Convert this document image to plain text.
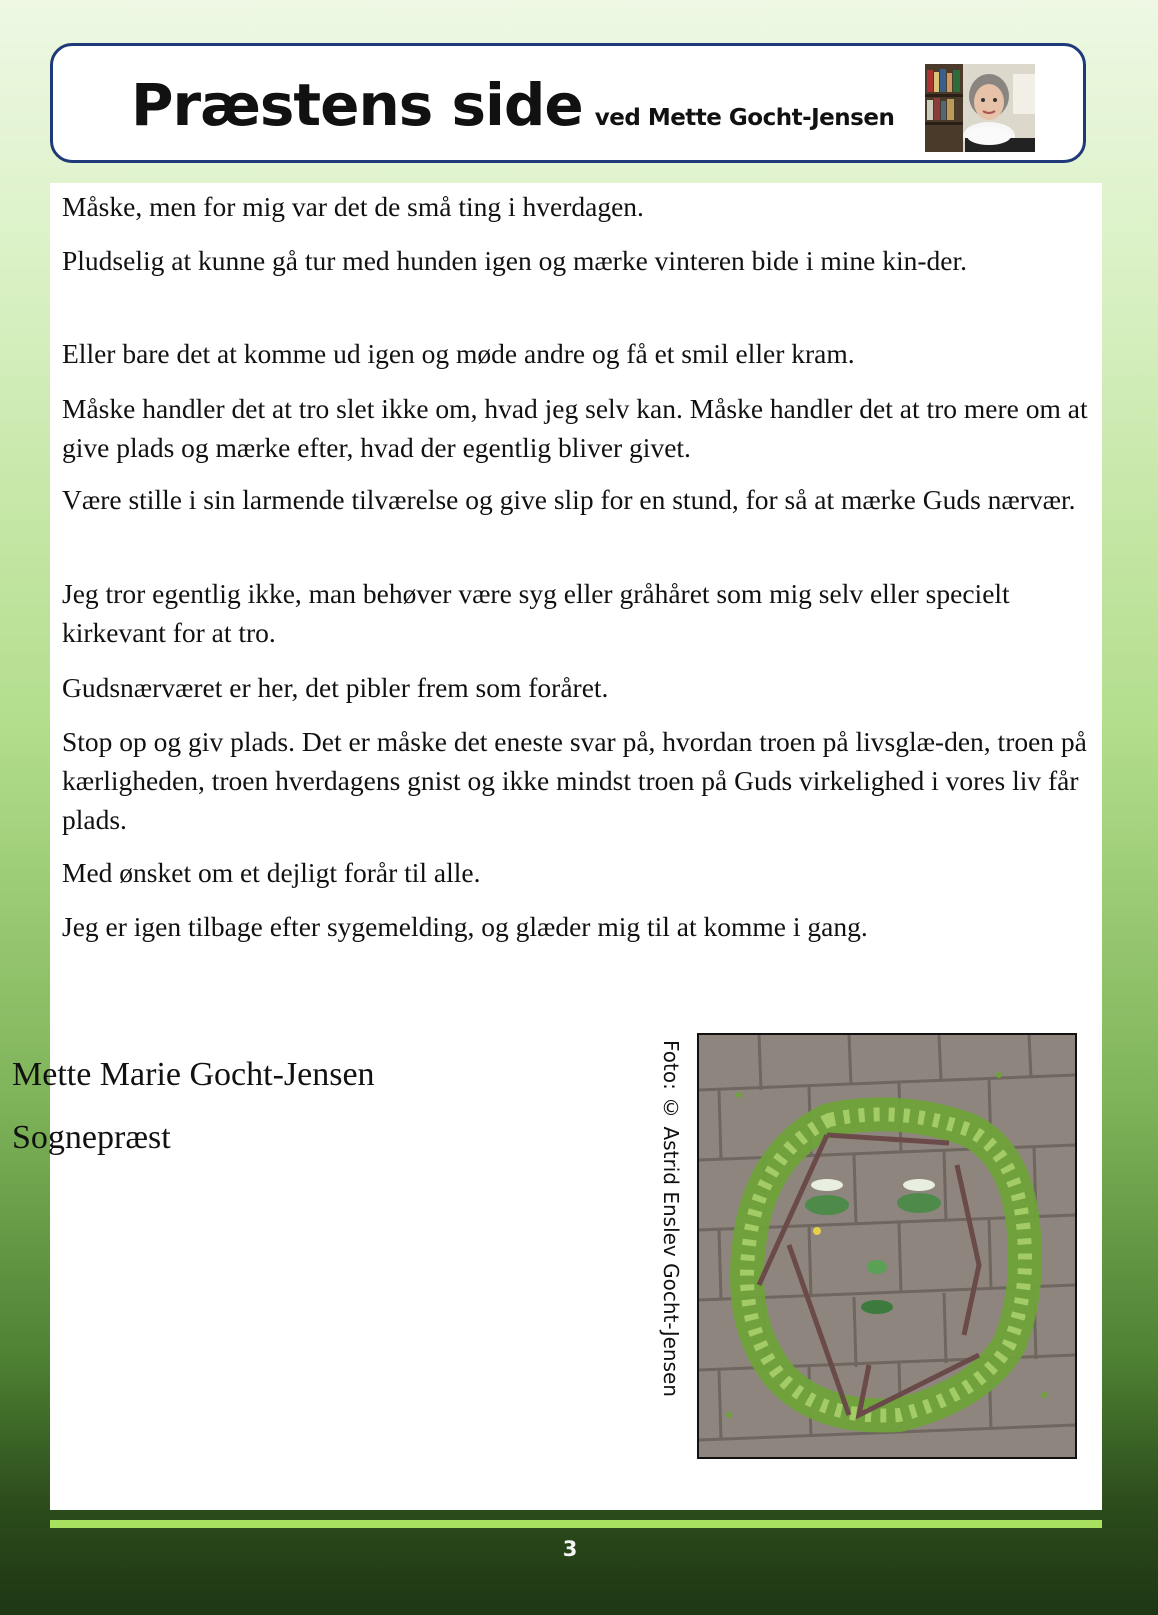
Præstens side ved Mette Gocht-Jensen

Måske, men for mig var det de små ting i hverdagen.

Pludselig at kunne gå tur med hunden igen og mærke vinteren bide i mine kin-der.

Eller bare det at komme ud igen og møde andre og få et smil eller kram.

Måske handler det at tro slet ikke om, hvad jeg selv kan. Måske handler det at tro mere om at give plads og mærke efter, hvad der egentlig bliver givet.

Være stille i sin larmende tilværelse og give slip for en stund, for så at mærke Guds nærvær.

Jeg tror egentlig ikke, man behøver være syg eller gråhåret som mig selv eller specielt kirkevant for at tro.

Gudsnærværet er her, det pibler frem som foråret.

Stop op og giv plads. Det er måske det eneste svar på, hvordan troen på livsglæ-den, troen på kærligheden, troen hverdagens gnist og ikke mindst troen på Guds virkelighed i vores liv får plads.

Med ønsket om et dejligt forår til alle.

Jeg er igen tilbage efter sygemelding, og glæder mig til at komme i gang.

Mette Marie Gocht-Jensen

Sognepræst	Foto: © Astrid Enslev Gocht-Jensen
3
